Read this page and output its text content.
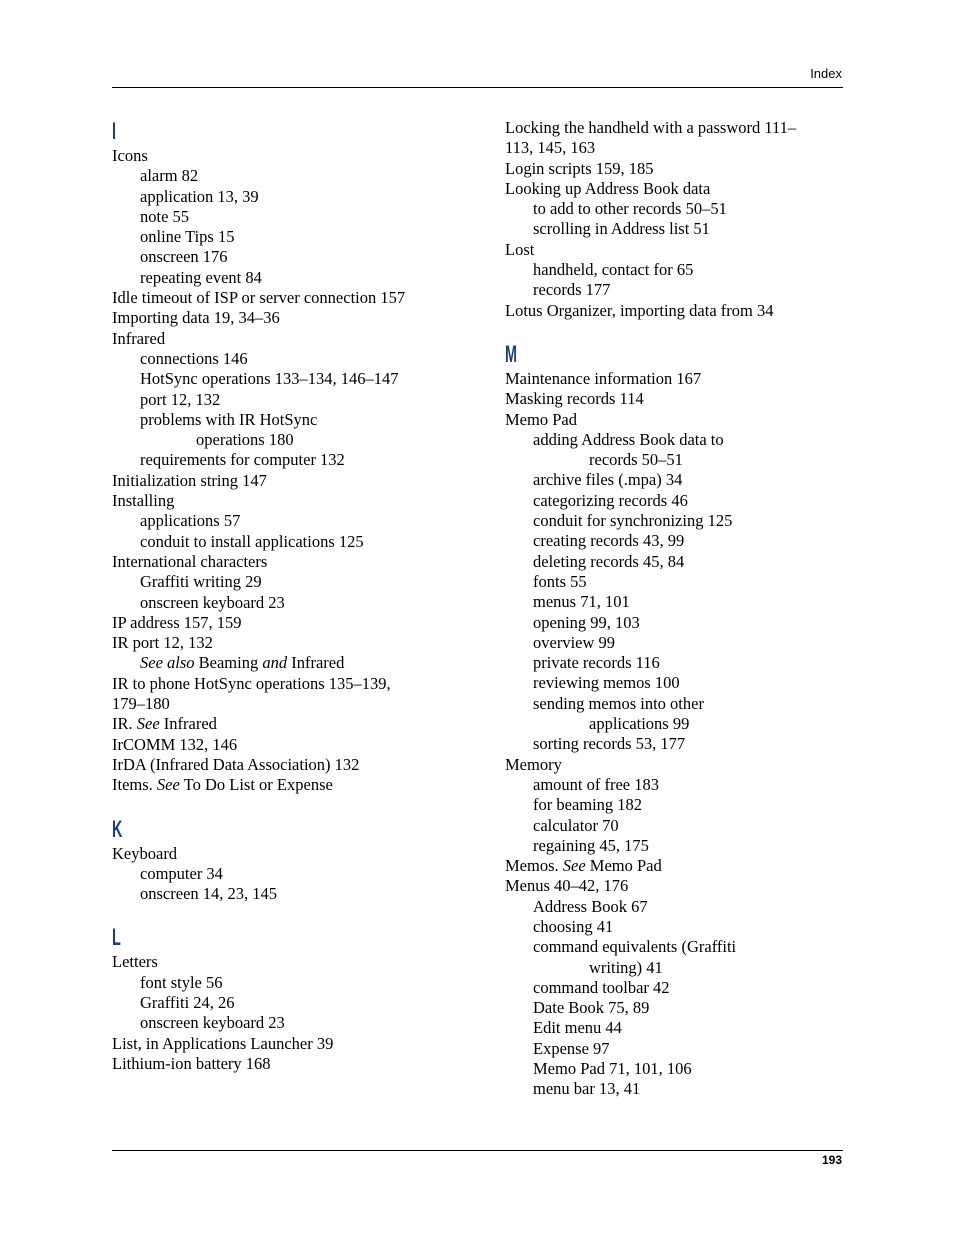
Index
I
Icons
alarm 82
application 13, 39
note 55
online Tips 15
onscreen 176
repeating event 84
Idle timeout of ISP or server connection 157
Importing data 19, 34–36
Infrared
connections 146
HotSync operations 133–134, 146–147
port 12, 132
problems with IR HotSync
operations 180
requirements for computer 132
Initialization string 147
Installing
applications 57
conduit to install applications 125
International characters
Graffiti writing 29
onscreen keyboard 23
IP address 157, 159
IR port 12, 132
See also Beaming and Infrared
IR to phone HotSync operations 135–139,
179–180
IR. See Infrared
IrCOMM 132, 146
IrDA (Infrared Data Association) 132
Items. See To Do List or Expense
K
Keyboard
computer 34
onscreen 14, 23, 145
L
Letters
font style 56
Graffiti 24, 26
onscreen keyboard 23
List, in Applications Launcher 39
Lithium-ion battery 168
Locking the handheld with a password 111–
113, 145, 163
Login scripts 159, 185
Looking up Address Book data
to add to other records 50–51
scrolling in Address list 51
Lost
handheld, contact for 65
records 177
Lotus Organizer, importing data from 34
M
Maintenance information 167
Masking records 114
Memo Pad
adding Address Book data to
records 50–51
archive files (.mpa) 34
categorizing records 46
conduit for synchronizing 125
creating records 43, 99
deleting records 45, 84
fonts 55
menus 71, 101
opening 99, 103
overview 99
private records 116
reviewing memos 100
sending memos into other
applications 99
sorting records 53, 177
Memory
amount of free 183
for beaming 182
calculator 70
regaining 45, 175
Memos. See Memo Pad
Menus 40–42, 176
Address Book 67
choosing 41
command equivalents (Graffiti
writing) 41
command toolbar 42
Date Book 75, 89
Edit menu 44
Expense 97
Memo Pad 71, 101, 106
menu bar 13, 41
193
